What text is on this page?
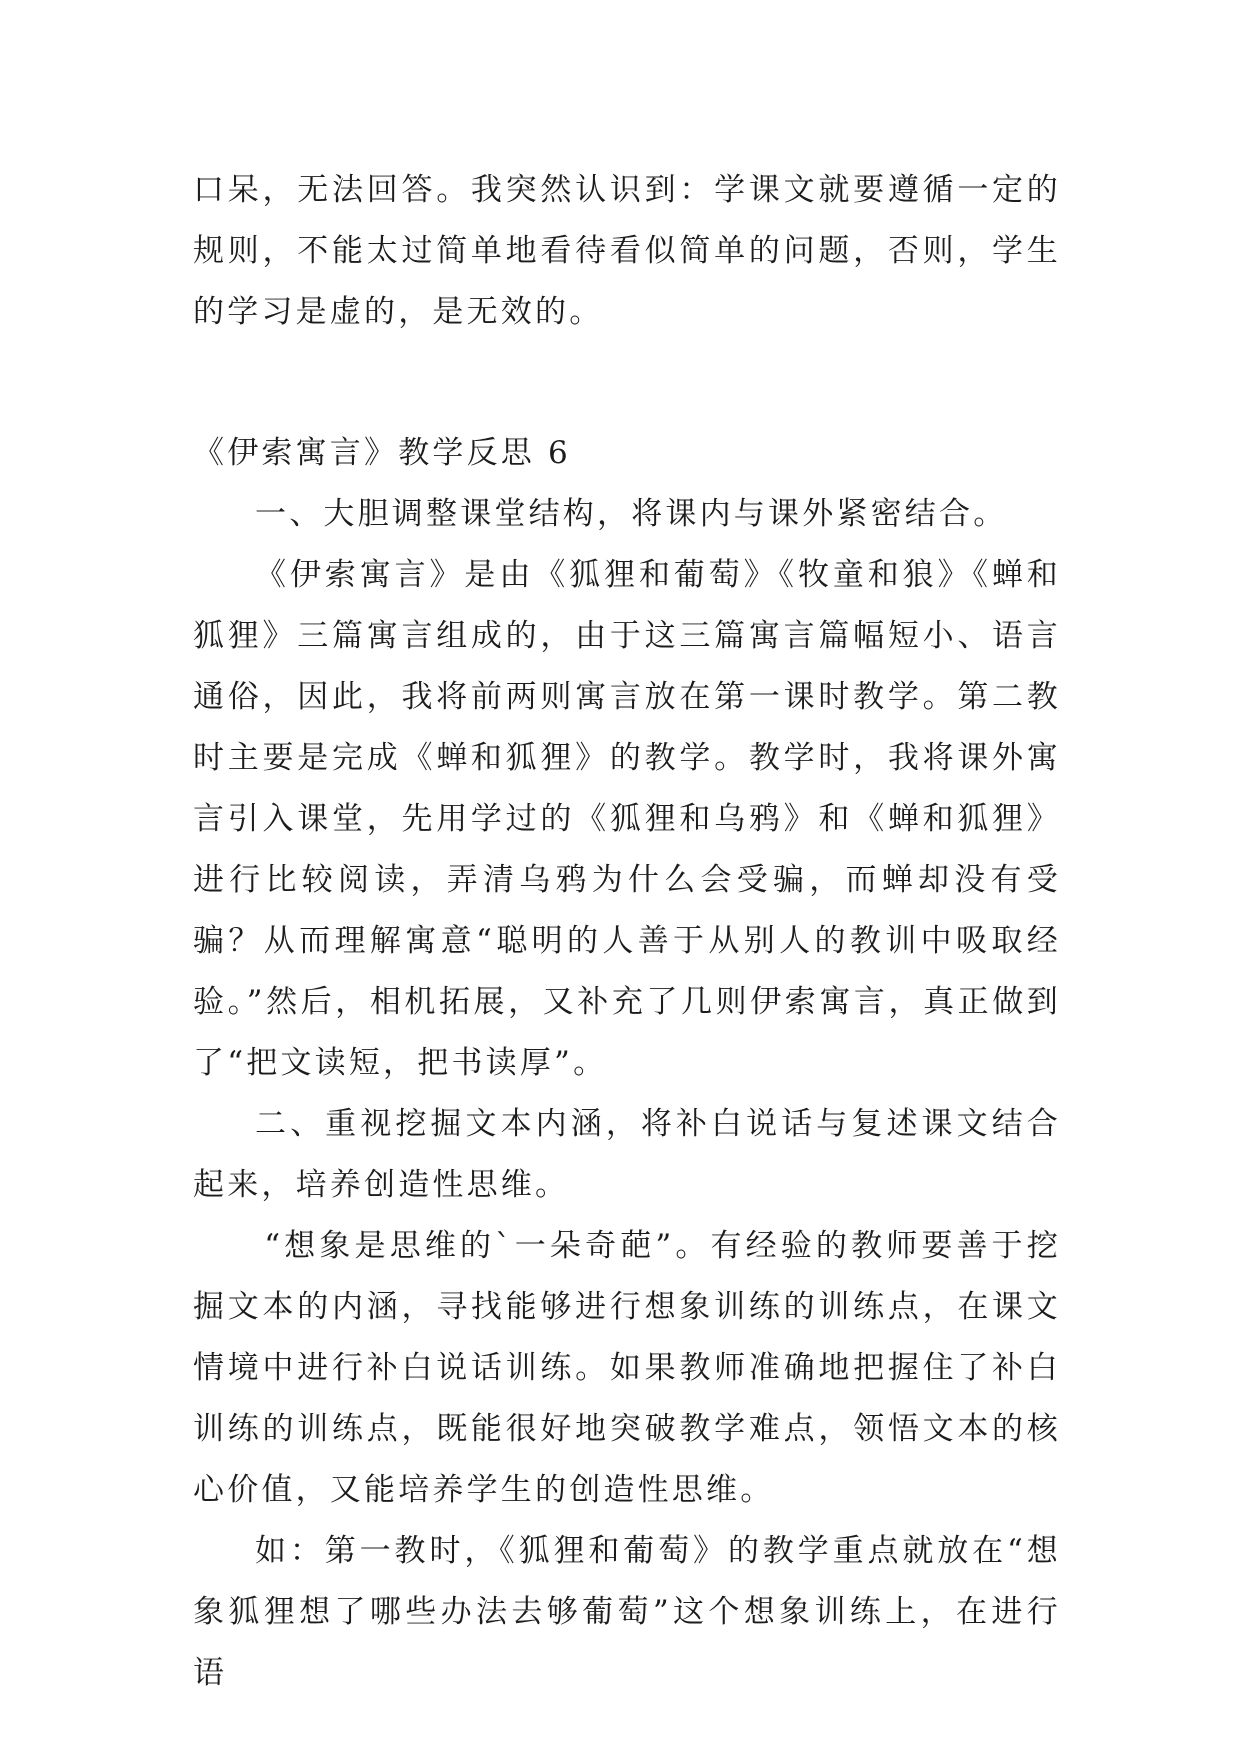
口呆，无法回答。我突然认识到：学课文就要遵循一定的规则，不能太过简单地看待看似简单的问题，否则，学生的学习是虚的，是无效的。

《伊索寓言》教学反思 6

一、大胆调整课堂结构，将课内与课外紧密结合。

《伊索寓言》是由《狐狸和葡萄》《牧童和狼》《蝉和狐狸》三篇寓言组成的，由于这三篇寓言篇幅短小、语言通俗，因此，我将前两则寓言放在第一课时教学。第二教时主要是完成《蝉和狐狸》的教学。教学时，我将课外寓言引入课堂，先用学过的《狐狸和乌鸦》和《蝉和狐狸》进行比较阅读，弄清乌鸦为什么会受骗，而蝉却没有受骗？从而理解寓意“聪明的人善于从别人的教训中吸取经验。”然后，相机拓展，又补充了几则伊索寓言，真正做到了“把文读短，把书读厚”。

二、重视挖掘文本内涵，将补白说话与复述课文结合起来，培养创造性思维。

“想象是思维的`一朵奇葩”。有经验的教师要善于挖掘文本的内涵，寻找能够进行想象训练的训练点，在课文情境中进行补白说话训练。如果教师准确地把握住了补白训练的训练点，既能很好地突破教学难点，领悟文本的核心价值，又能培养学生的创造性思维。

如：第一教时，《狐狸和葡萄》的教学重点就放在“想象狐狸想了哪些办法去够葡萄”这个想象训练上，在进行语
